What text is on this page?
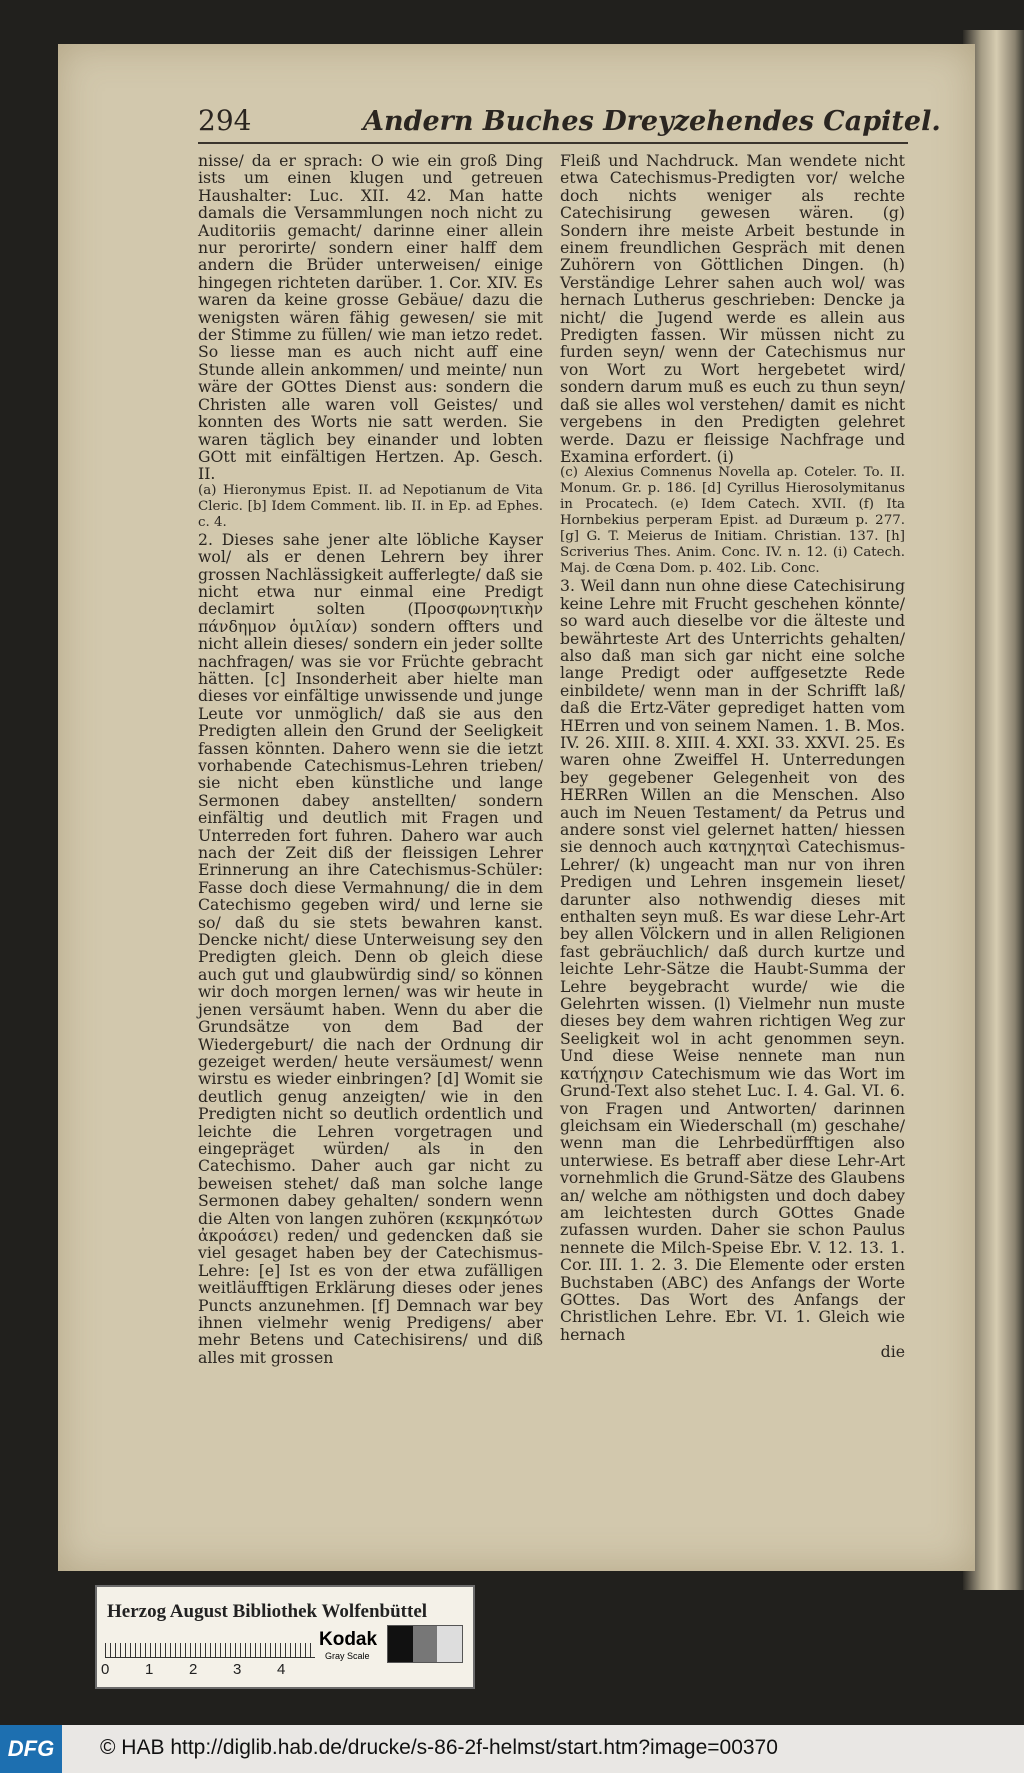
294	Andern Buches Dreyzehendes Capitel.

nisse/ da er sprach: O wie ein groß Ding ists um einen klugen und getreuen Haushalter: Luc. XII. 42. Man hatte damals die Versammlungen noch nicht zu Auditoriis gemacht/ darinne einer allein nur perorirte/ sondern einer halff dem andern die Brüder unterweisen/ einige hingegen richteten darüber. 1. Cor. XIV. Es waren da keine grosse Gebäue/ dazu die wenigsten wären fähig gewesen/ sie mit der Stimme zu füllen/ wie man ietzo redet. So liesse man es auch nicht auff eine Stunde allein ankommen/ und meinte/ nun wäre der GOttes Dienst aus: sondern die Christen alle waren voll Geistes/ und konnten des Worts nie satt werden. Sie waren täglich bey einander und lobten GOtt mit einfältigen Hertzen. Ap. Gesch. II.

(a) Hieronymus Epist. II. ad Nepotianum de Vita Cleric. [b] Idem Comment. lib. II. in Ep. ad Ephes. c. 4.

2. Dieses sahe jener alte löbliche Kayser wol/ als er denen Lehrern bey ihrer grossen Nachlässigkeit aufferlegte/ daß sie nicht etwa nur einmal eine Predigt declamirt solten (Προσφωνητικὴν πάνδημον ὁμιλίαν) sondern offters und nicht allein dieses/ sondern ein jeder sollte nachfragen/ was sie vor Früchte gebracht hätten. [c] Insonderheit aber hielte man dieses vor einfältige unwissende und junge Leute vor unmöglich/ daß sie aus den Predigten allein den Grund der Seeligkeit fassen könnten. Dahero wenn sie die ietzt vorhabende Catechismus-Lehren trieben/ sie nicht eben künstliche und lange Sermonen dabey anstellten/ sondern einfältig und deutlich mit Fragen und Unterreden fort fuhren. Dahero war auch nach der Zeit diß der fleissigen Lehrer Erinnerung an ihre Catechismus-Schüler: Fasse doch diese Vermahnung/ die in dem Catechismo gegeben wird/ und lerne sie so/ daß du sie stets bewahren kanst. Dencke nicht/ diese Unterweisung sey den Predigten gleich. Denn ob gleich diese auch gut und glaubwürdig sind/ so können wir doch morgen lernen/ was wir heute in jenen versäumt haben. Wenn du aber die Grundsätze von dem Bad der Wiedergeburt/ die nach der Ordnung dir gezeiget werden/ heute versäumest/ wenn wirstu es wieder einbringen? [d] Womit sie deutlich genug anzeigten/ wie in den Predigten nicht so deutlich ordentlich und leichte die Lehren vorgetragen und eingepräget würden/ als in den Catechismo. Daher auch gar nicht zu beweisen stehet/ daß man solche lange Sermonen dabey gehalten/ sondern wenn die Alten von langen zuhören (κεκμηκότων ἀκροάσει) reden/ und gedencken daß sie viel gesaget haben bey der Catechismus-Lehre: [e] Ist es von der etwa zufälligen weitläufftigen Erklärung dieses oder jenes Puncts anzunehmen. [f] Demnach war bey ihnen vielmehr wenig Predigens/ aber mehr Betens und Catechisirens/ und diß alles mit grossen

Fleiß und Nachdruck. Man wendete nicht etwa Catechismus-Predigten vor/ welche doch nichts weniger als rechte Catechisirung gewesen wären. (g) Sondern ihre meiste Arbeit bestunde in einem freundlichen Gespräch mit denen Zuhörern von Göttlichen Dingen. (h) Verständige Lehrer sahen auch wol/ was hernach Lutherus geschrieben: Dencke ja nicht/ die Jugend werde es allein aus Predigten fassen. Wir müssen nicht zu furden seyn/ wenn der Catechismus nur von Wort zu Wort hergebetet wird/ sondern darum muß es euch zu thun seyn/ daß sie alles wol verstehen/ damit es nicht vergebens in den Predigten gelehret werde. Dazu er fleissige Nachfrage und Examina erfordert. (i)

(c) Alexius Comnenus Novella ap. Coteler. To. II. Monum. Gr. p. 186. [d] Cyrillus Hierosolymitanus in Procatech. (e) Idem Catech. XVII. (f) Ita Hornbekius perperam Epist. ad Duræum p. 277. [g] G. T. Meierus de Initiam. Christian. 137. [h] Scriverius Thes. Anim. Conc. IV. n. 12. (i) Catech. Maj. de Cœna Dom. p. 402. Lib. Conc.

3. Weil dann nun ohne diese Catechisirung keine Lehre mit Frucht geschehen könnte/ so ward auch dieselbe vor die älteste und bewährteste Art des Unterrichts gehalten/ also daß man sich gar nicht eine solche lange Predigt oder auffgesetzte Rede einbildete/ wenn man in der Schrifft laß/ daß die Ertz-Väter geprediget hatten vom HErren und von seinem Namen. 1. B. Mos. IV. 26. XIII. 8. XIII. 4. XXI. 33. XXVI. 25. Es waren ohne Zweiffel H. Unterredungen bey gegebener Gelegenheit von des HERRen Willen an die Menschen. Also auch im Neuen Testament/ da Petrus und andere sonst viel gelernet hatten/ hiessen sie dennoch auch κατηχηταὶ Catechismus-Lehrer/ (k) ungeacht man nur von ihren Predigen und Lehren insgemein lieset/ darunter also nothwendig dieses mit enthalten seyn muß. Es war diese Lehr-Art bey allen Völckern und in allen Religionen fast gebräuchlich/ daß durch kurtze und leichte Lehr-Sätze die Haubt-Summa der Lehre beygebracht wurde/ wie die Gelehrten wissen. (l) Vielmehr nun muste dieses bey dem wahren richtigen Weg zur Seeligkeit wol in acht genommen seyn. Und diese Weise nennete man nun κατήχησιν Catechismum wie das Wort im Grund-Text also stehet Luc. I. 4. Gal. VI. 6. von Fragen und Antworten/ darinnen gleichsam ein Wiederschall (m) geschahe/ wenn man die Lehrbedürfftigen also unterwiese. Es betraff aber diese Lehr-Art vornehmlich die Grund-Sätze des Glaubens an/ welche am nöthigsten und doch dabey am leichtesten durch GOttes Gnade zufassen wurden. Daher sie schon Paulus nennete die Milch-Speise Ebr. V. 12. 13. 1. Cor. III. 1. 2. 3. Die Elemente oder ersten Buchstaben (ABC) des Anfangs der Worte GOttes. Das Wort des Anfangs der Christlichen Lehre. Ebr. VI. 1. Gleich wie hernach

die

Herzog August Bibliothek Wolfenbüttel
0 1 2 3 4
Kodak
Gray Scale
DFG	© HAB http://diglib.hab.de/drucke/s-86-2f-helmst/start.htm?image=00370
